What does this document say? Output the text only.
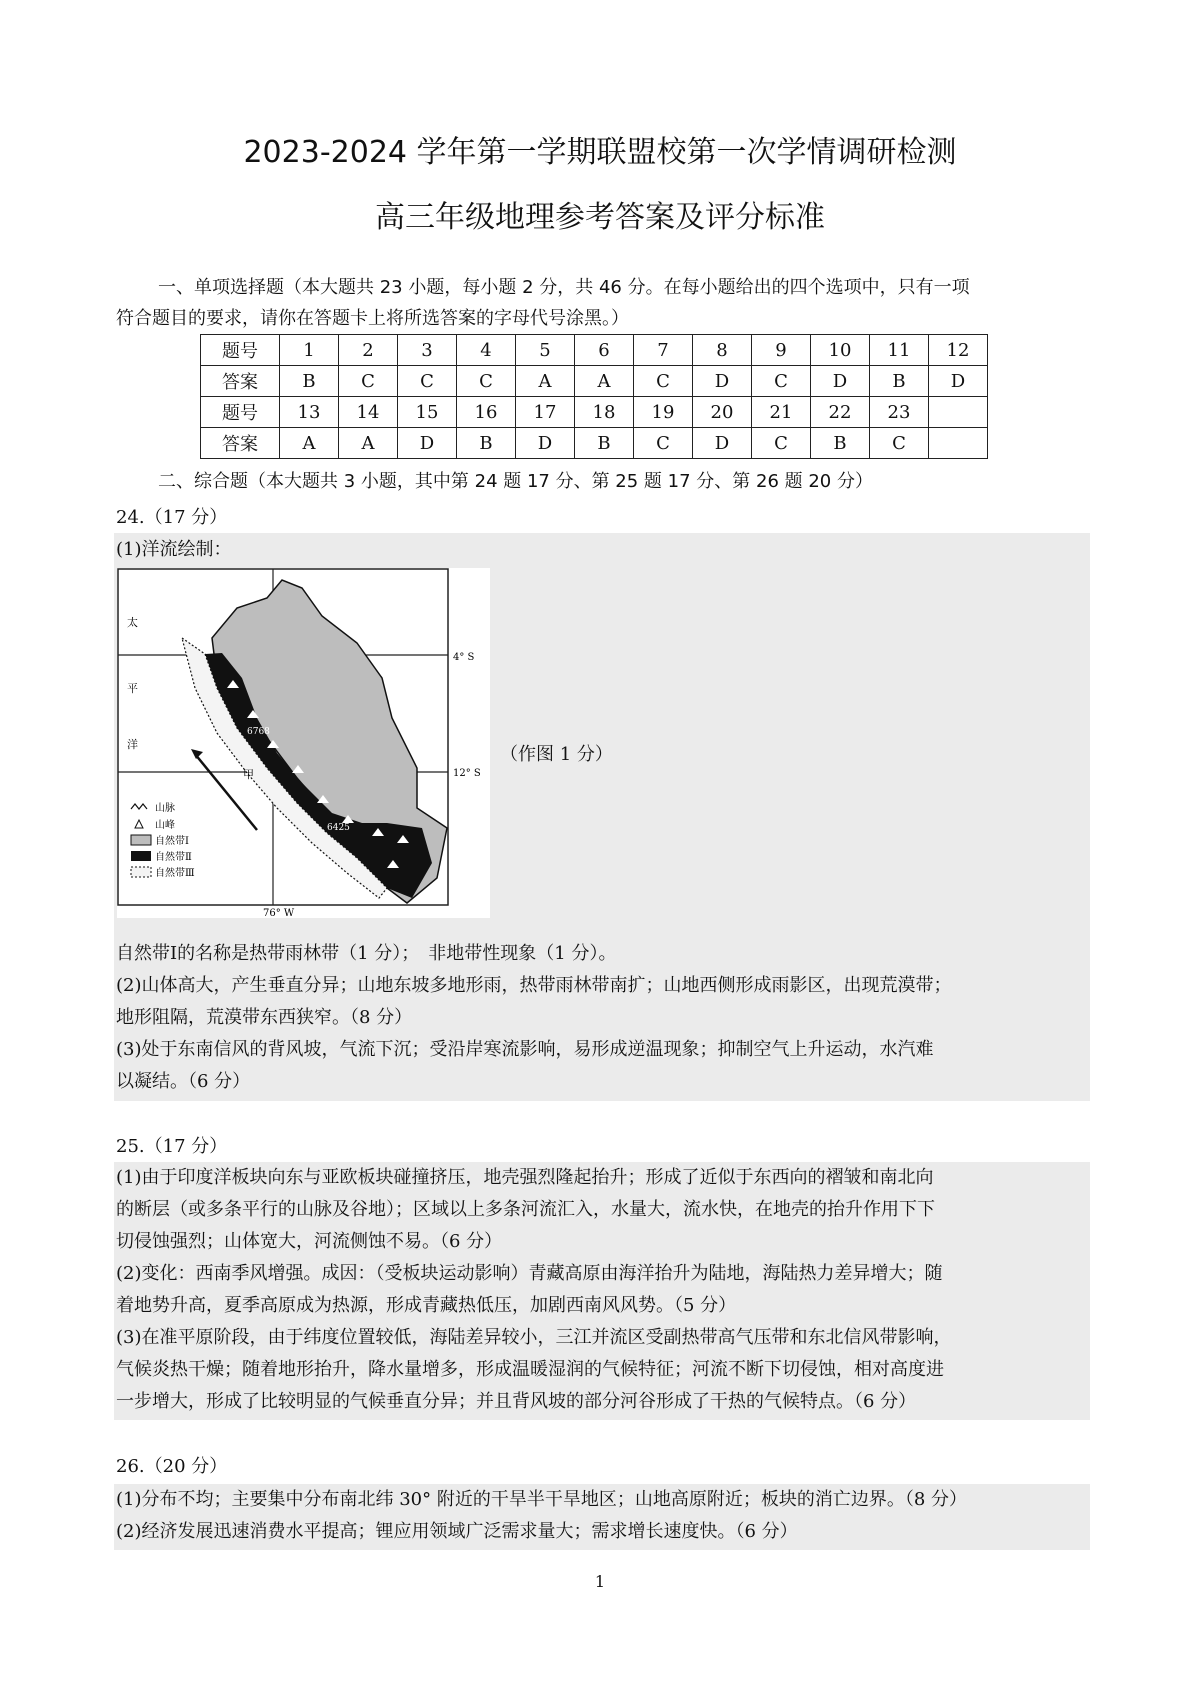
2023-2024 学年第一学期联盟校第一次学情调研检测
高三年级地理参考答案及评分标准
一、单项选择题（本大题共 23 小题，每小题 2 分，共 46 分。在每小题给出的四个选项中，只有一项
符合题目的要求，请你在答题卡上将所选答案的字母代号涂黑。）
题号	1	2	3	4	5	6	7	8	9	10	11	12
答案	B	C	C	C	A	A	C	D	C	D	B	D
题号	13	14	15	16	17	18	19	20	21	22	23	
答案	A	A	D	B	D	B	C	D	C	B	C	
二、综合题（本大题共 3 小题，其中第 24 题 17 分、第 25 题 17 分、第 26 题 20 分）
24.（17 分）
(1)洋流绘制：
太
平
洋
4° S
12° S
76° W
6768
6425
甲
山脉
山峰
自然带Ⅰ
自然带Ⅱ
自然带Ⅲ
（作图 1 分）
自然带Ⅰ的名称是热带雨林带（1 分）；　非地带性现象（1 分）。
(2)山体高大，产生垂直分异；山地东坡多地形雨，热带雨林带南扩；山地西侧形成雨影区，出现荒漠带；
地形阻隔，荒漠带东西狭窄。（8 分）
(3)处于东南信风的背风坡，气流下沉；受沿岸寒流影响，易形成逆温现象；抑制空气上升运动，水汽难
以凝结。（6 分）
25.（17 分）
(1)由于印度洋板块向东与亚欧板块碰撞挤压，地壳强烈隆起抬升；形成了近似于东西向的褶皱和南北向
的断层（或多条平行的山脉及谷地）；区域以上多条河流汇入，水量大，流水快，在地壳的抬升作用下下
切侵蚀强烈；山体宽大，河流侧蚀不易。（6 分）
(2)变化：西南季风增强。成因：（受板块运动影响）青藏高原由海洋抬升为陆地，海陆热力差异增大；随
着地势升高，夏季高原成为热源，形成青藏热低压，加剧西南风风势。（5 分）
(3)在准平原阶段，由于纬度位置较低，海陆差异较小，三江并流区受副热带高气压带和东北信风带影响，
气候炎热干燥；随着地形抬升，降水量增多，形成温暖湿润的气候特征；河流不断下切侵蚀，相对高度进
一步增大，形成了比较明显的气候垂直分异；并且背风坡的部分河谷形成了干热的气候特点。（6 分）
26.（20 分）
(1)分布不均；主要集中分布南北纬 30° 附近的干旱半干旱地区；山地高原附近；板块的消亡边界。（8 分）
(2)经济发展迅速消费水平提高；锂应用领域广泛需求量大；需求增长速度快。（6 分）
1
